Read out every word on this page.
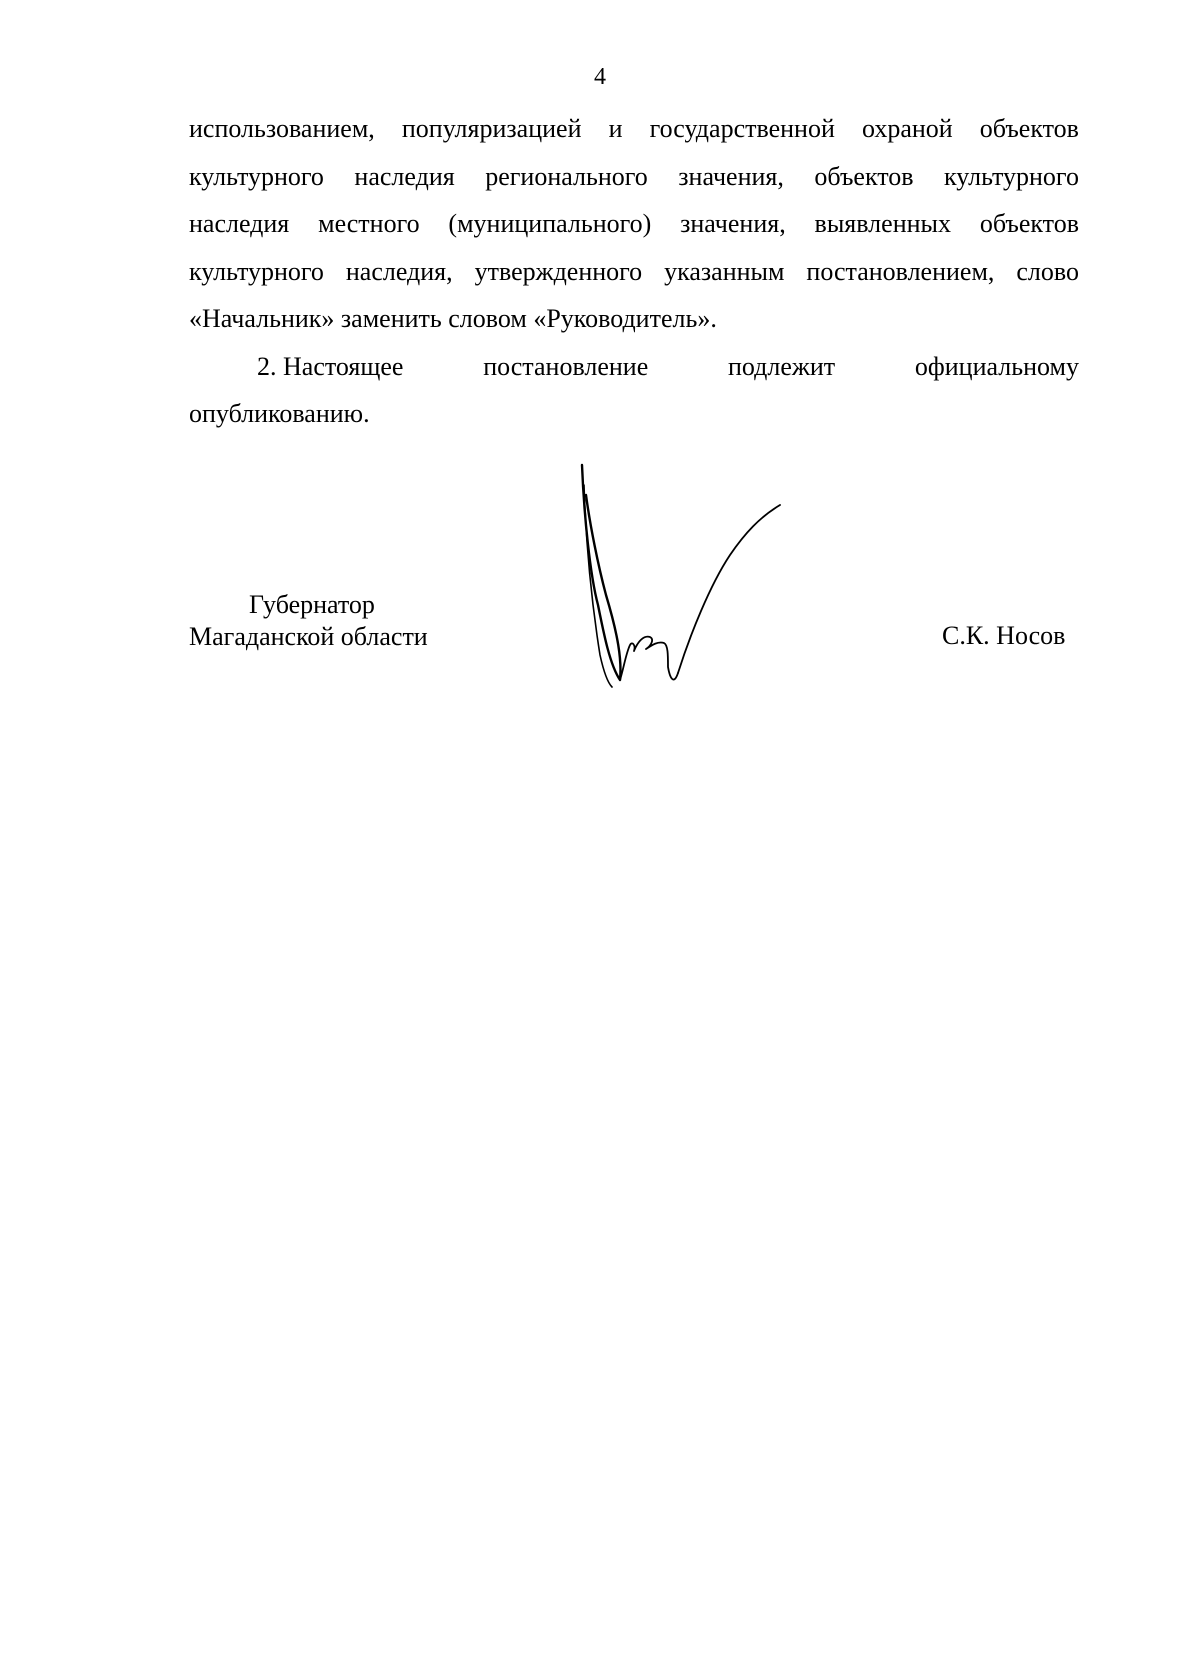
4
использованием, популяризацией и государственной охраной объектов
культурного наследия регионального значения, объектов культурного
наследия местного (муниципального) значения, выявленных объектов
культурного наследия, утвержденного указанным постановлением, слово
«Начальник» заменить словом «Руководитель».
2. Настоящее	постановление	подлежит	официальному
опубликованию.
Губернатор
Магаданской области	С.К. Носов
